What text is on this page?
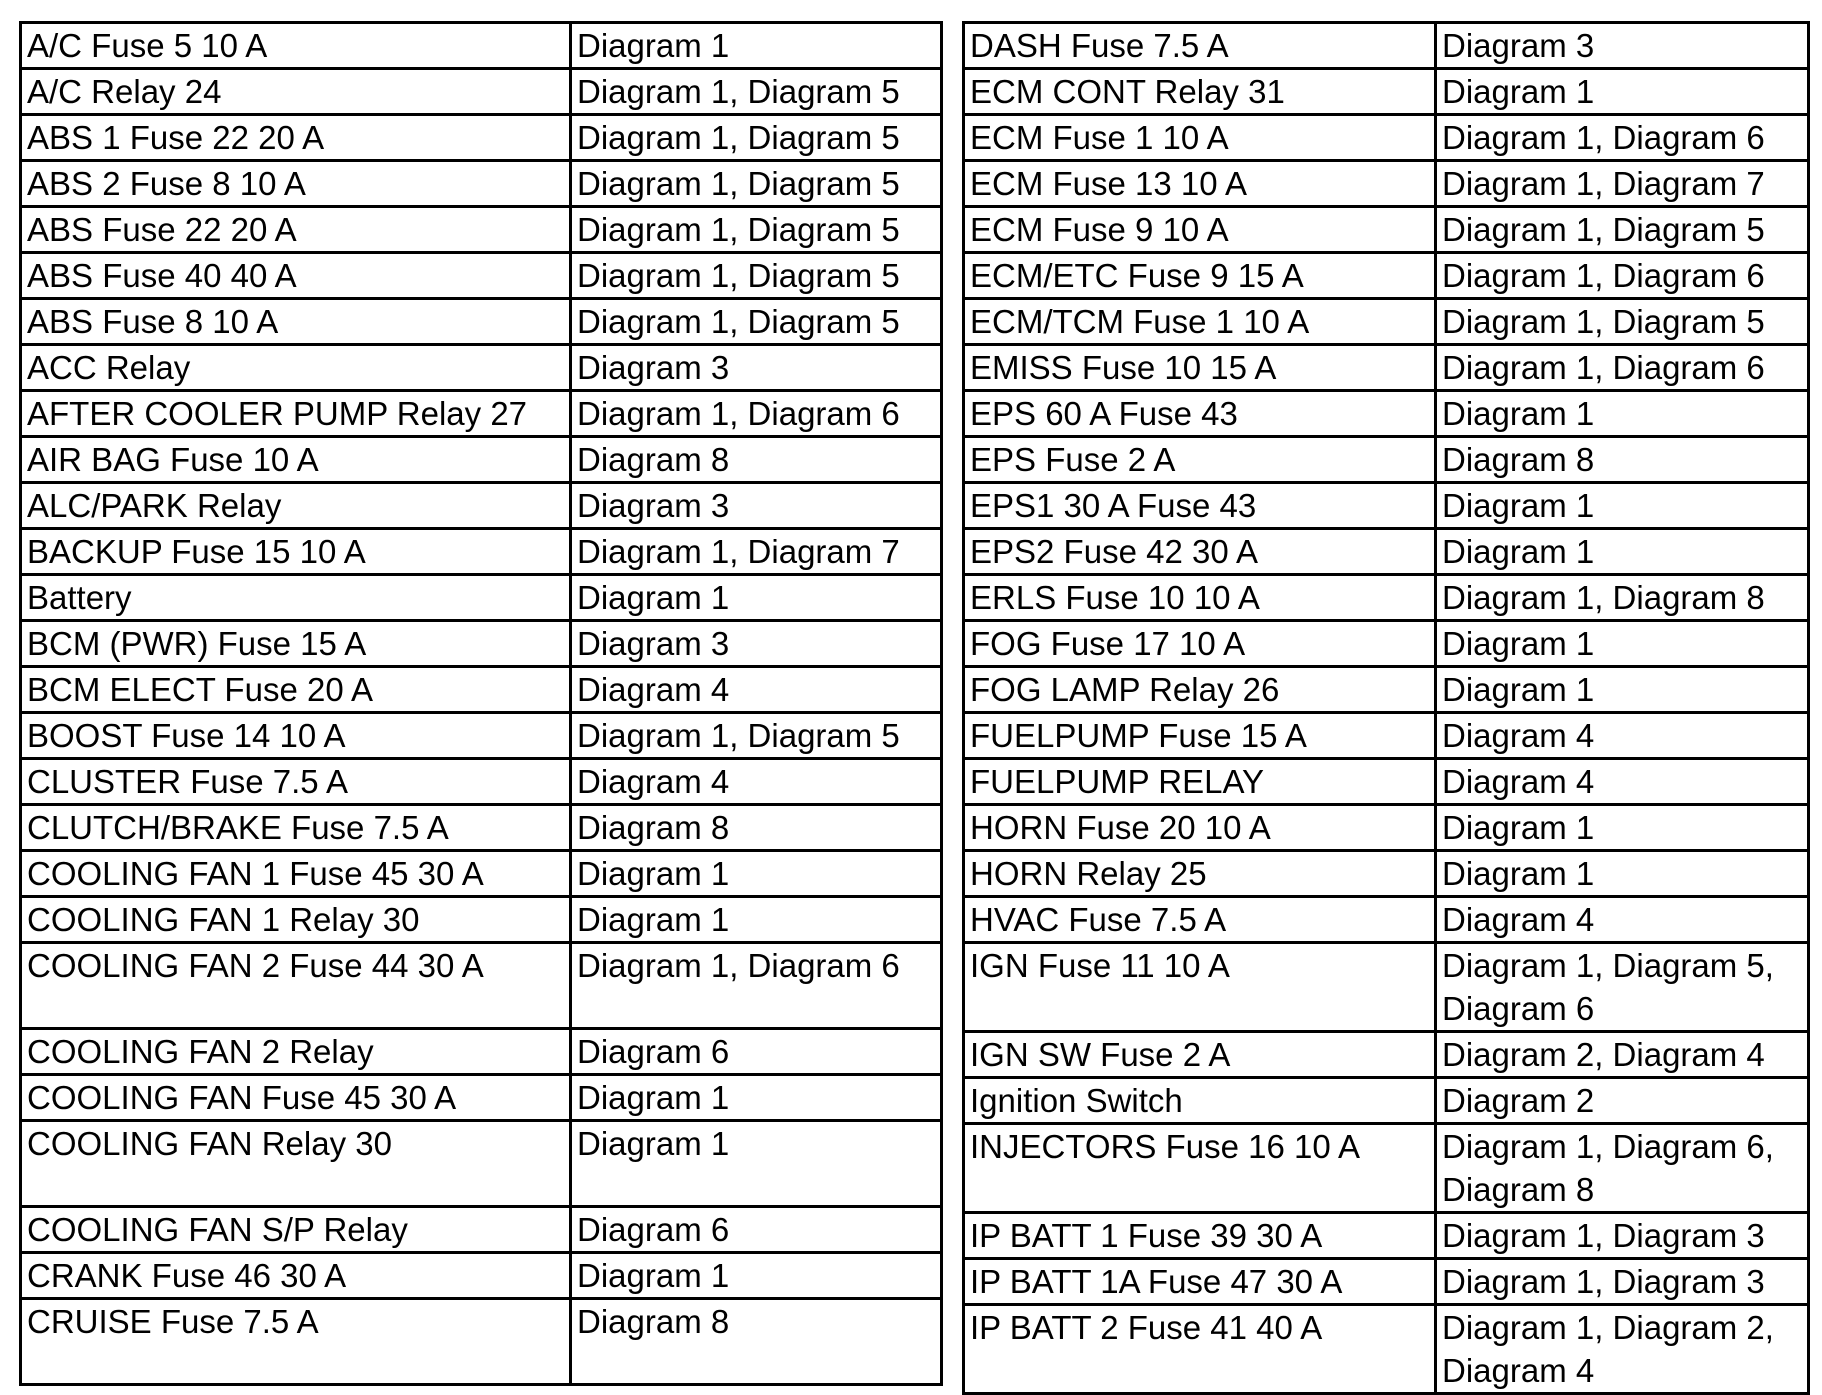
A/C Fuse 5 10 A	Diagram 1
A/C Relay 24	Diagram 1, Diagram 5
ABS 1 Fuse 22 20 A	Diagram 1, Diagram 5
ABS 2 Fuse 8 10 A	Diagram 1, Diagram 5
ABS Fuse 22 20 A	Diagram 1, Diagram 5
ABS Fuse 40 40 A	Diagram 1, Diagram 5
ABS Fuse 8 10 A	Diagram 1, Diagram 5
ACC Relay	Diagram 3
AFTER COOLER PUMP Relay 27	Diagram 1, Diagram 6
AIR BAG Fuse 10 A	Diagram 8
ALC/PARK Relay	Diagram 3
BACKUP Fuse 15 10 A	Diagram 1, Diagram 7
Battery	Diagram 1
BCM (PWR) Fuse 15 A	Diagram 3
BCM ELECT Fuse 20 A	Diagram 4
BOOST Fuse 14 10 A	Diagram 1, Diagram 5
CLUSTER Fuse 7.5 A	Diagram 4
CLUTCH/BRAKE Fuse 7.5 A	Diagram 8
COOLING FAN 1 Fuse 45 30 A	Diagram 1
COOLING FAN 1 Relay 30	Diagram 1
COOLING FAN 2 Fuse 44 30 A	Diagram 1, Diagram 6
COOLING FAN 2 Relay	Diagram 6
COOLING FAN Fuse 45 30 A	Diagram 1
COOLING FAN Relay 30	Diagram 1
COOLING FAN S/P Relay	Diagram 6
CRANK Fuse 46 30 A	Diagram 1
CRUISE Fuse 7.5 A	Diagram 8
DASH Fuse 7.5 A	Diagram 3
ECM CONT Relay 31	Diagram 1
ECM Fuse 1 10 A	Diagram 1, Diagram 6
ECM Fuse 13 10 A	Diagram 1, Diagram 7
ECM Fuse 9 10 A	Diagram 1, Diagram 5
ECM/ETC Fuse 9 15 A	Diagram 1, Diagram 6
ECM/TCM Fuse 1 10 A	Diagram 1, Diagram 5
EMISS Fuse 10 15 A	Diagram 1, Diagram 6
EPS 60 A Fuse 43	Diagram 1
EPS Fuse 2 A	Diagram 8
EPS1 30 A Fuse 43	Diagram 1
EPS2 Fuse 42 30 A	Diagram 1
ERLS Fuse 10 10 A	Diagram 1, Diagram 8
FOG Fuse 17 10 A	Diagram 1
FOG LAMP Relay 26	Diagram 1
FUELPUMP Fuse 15 A	Diagram 4
FUELPUMP RELAY	Diagram 4
HORN Fuse 20 10 A	Diagram 1
HORN Relay 25	Diagram 1
HVAC Fuse 7.5 A	Diagram 4
IGN Fuse 11 10 A	Diagram 1, Diagram 5, Diagram 6
IGN SW Fuse 2 A	Diagram 2, Diagram 4
Ignition Switch	Diagram 2
INJECTORS Fuse 16 10 A	Diagram 1, Diagram 6, Diagram 8
IP BATT 1 Fuse 39 30 A	Diagram 1, Diagram 3
IP BATT 1A Fuse 47 30 A	Diagram 1, Diagram 3
IP BATT 2 Fuse 41 40 A	Diagram 1, Diagram 2, Diagram 4
